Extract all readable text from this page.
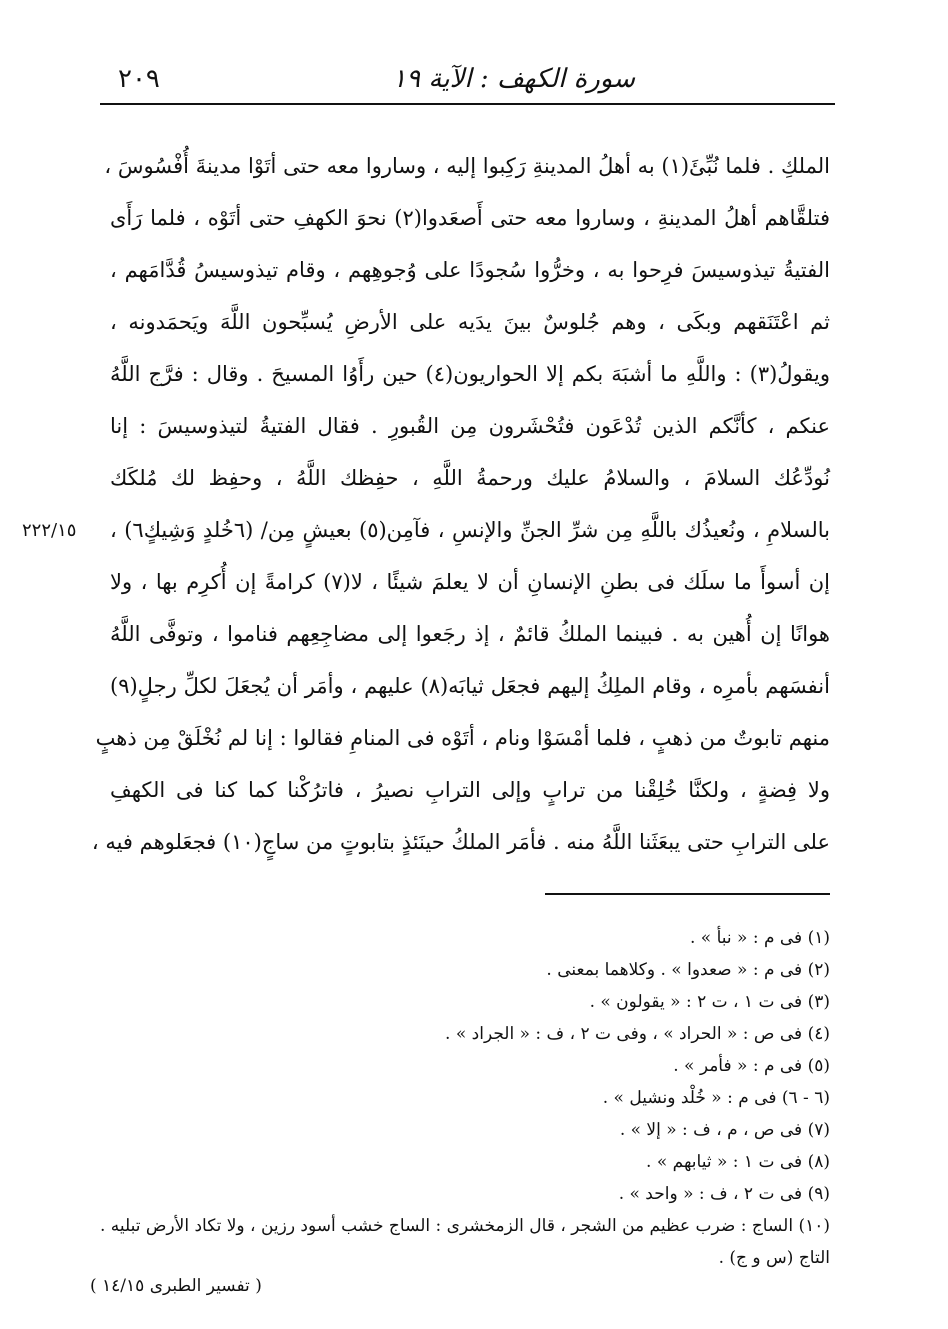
٢٠٩	سورة الكهف : الآية ١٩
٢٢٢/١٥
الملكِ . فلما نُبِّئَ(١) به أهلُ المدينةِ رَكِبوا إليه ، وساروا معه حتى أتَوْا مدينةَ أُفْسُوسَ ،
فتلقَّاهم أهلُ المدينةِ ، وساروا معه حتى أَصعَدوا(٢) نحوَ الكهفِ حتى أتَوْه ، فلما رَأَى
الفتيةُ تيذوسيسَ فرِحوا به ، وخرُّوا سُجودًا على وُجوهِهم ، وقام تيذوسيسُ قُدَّامَهم ،
ثم اعْتَنَقهم وبكَى ، وهم جُلوسٌ بينَ يدَيه على الأرضِ يُسبِّحون اللَّهَ ويَحمَدونه ،
ويقولُ(٣) : واللَّهِ ما أشبَهَ بكم إلا الحواريون(٤) حين رأَوُا المسيحَ . وقال : فرَّج اللَّهُ
عنكم ، كأنَّكم الذين تُدْعَون فتُحْشَرون مِن القُبورِ . فقال الفتيةُ لتيذوسيسَ : إنا
نُودِّعُك السلامَ ، والسلامُ عليك ورحمةُ اللَّهِ ، حفِظك اللَّهُ ، وحفِظ لك مُلكَك
بالسلامِ ، ونُعيذُك باللَّهِ مِن شرِّ الجنِّ والإنسِ ، فآمِن(٥) بعيشٍ مِن/ (٦خُلدٍ وَشِيكٍ٦) ،
إن أسوأَ ما سلَك فى بطنِ الإنسانِ أن لا يعلمَ شيئًا ، لا(٧) كرامةً إن أُكرِم بها ، ولا
هوانًا إن أُهين به . فبينما الملكُ قائمٌ ، إذ رجَعوا إلى مضاجِعِهم فناموا ، وتوفَّى اللَّهُ
أنفسَهم بأمرِه ، وقام الملِكُ إليهم فجعَل ثيابَه(٨) عليهم ، وأمَر أن يُجعَلَ لكلِّ رجلٍ(٩)
منهم تابوتٌ من ذهبٍ ، فلما أمْسَوْا ونام ، أتَوْه فى المنامِ فقالوا : إنا لم نُخْلَقْ مِن ذهبٍ
ولا فِضةٍ ، ولكنَّا خُلِقْنا من ترابٍ وإلى الترابِ نصيرُ ، فاترُكْنا كما كنا فى الكهفِ
على الترابِ حتى يبعَثَنا اللَّهُ منه . فأمَر الملكُ حينَئذٍ بتابوتٍ من ساجٍ(١٠) فجعَلوهم فيه ،
(١) فى م : « نبأ » .
(٢) فى م : « صعدوا » . وكلاهما بمعنى .
(٣) فى ت ١ ، ت ٢ : « يقولون » .
(٤) فى ص : « الحراد » ، وفى ت ٢ ، ف : « الجراد » .
(٥) فى م : « فأمر » .
(٦ - ٦) فى م : « خُلْد ونشيل » .
(٧) فى ص ، م ، ف : « إلا » .
(٨) فى ت ١ : « ثيابهم » .
(٩) فى ت ٢ ، ف : « واحد » .
(١٠) الساج : ضرب عظيم من الشجر ، قال الزمخشرى : الساج خشب أسود رزين ، ولا تكاد الأرض تبليه .
التاج (س و ج) .
( تفسير الطبرى ١٤/١٥ )
